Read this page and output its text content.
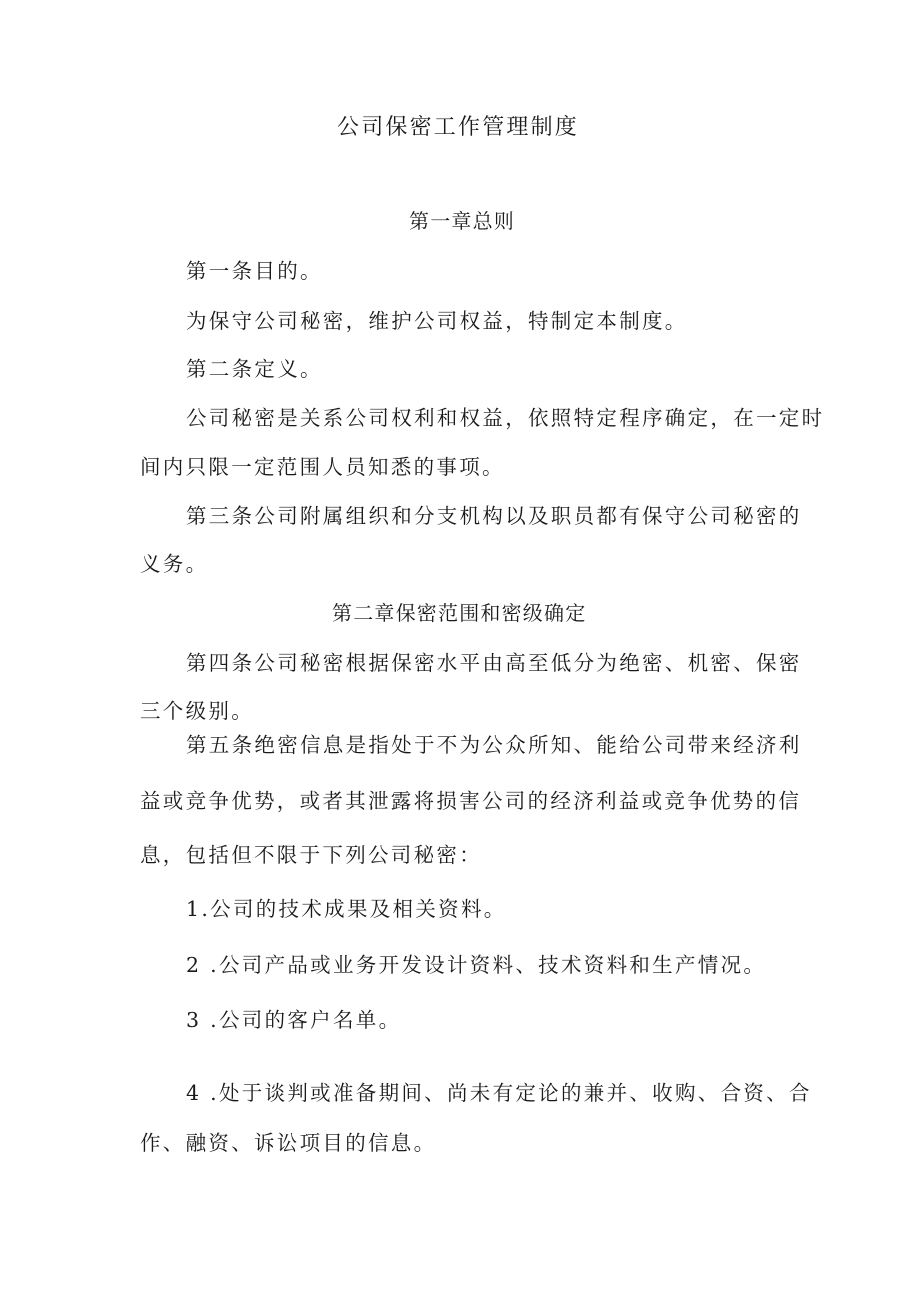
公司保密工作管理制度
第一章总则
第一条目的。
为保守公司秘密，维护公司权益，特制定本制度。
第二条定义。
公司秘密是关系公司权利和权益，依照特定程序确定，在一定时
间内只限一定范围人员知悉的事项。
第三条公司附属组织和分支机构以及职员都有保守公司秘密的
义务。
第二章保密范围和密级确定
第四条公司秘密根据保密水平由高至低分为绝密、机密、保密
三个级别。
第五条绝密信息是指处于不为公众所知、能给公司带来经济利
益或竞争优势，或者其泄露将损害公司的经济利益或竞争优势的信
息，包括但不限于下列公司秘密：
1.公司的技术成果及相关资料。
2 .公司产品或业务开发设计资料、技术资料和生产情况。
3 .公司的客户名单。
4 .处于谈判或准备期间、尚未有定论的兼并、收购、合资、合
作、融资、诉讼项目的信息。
